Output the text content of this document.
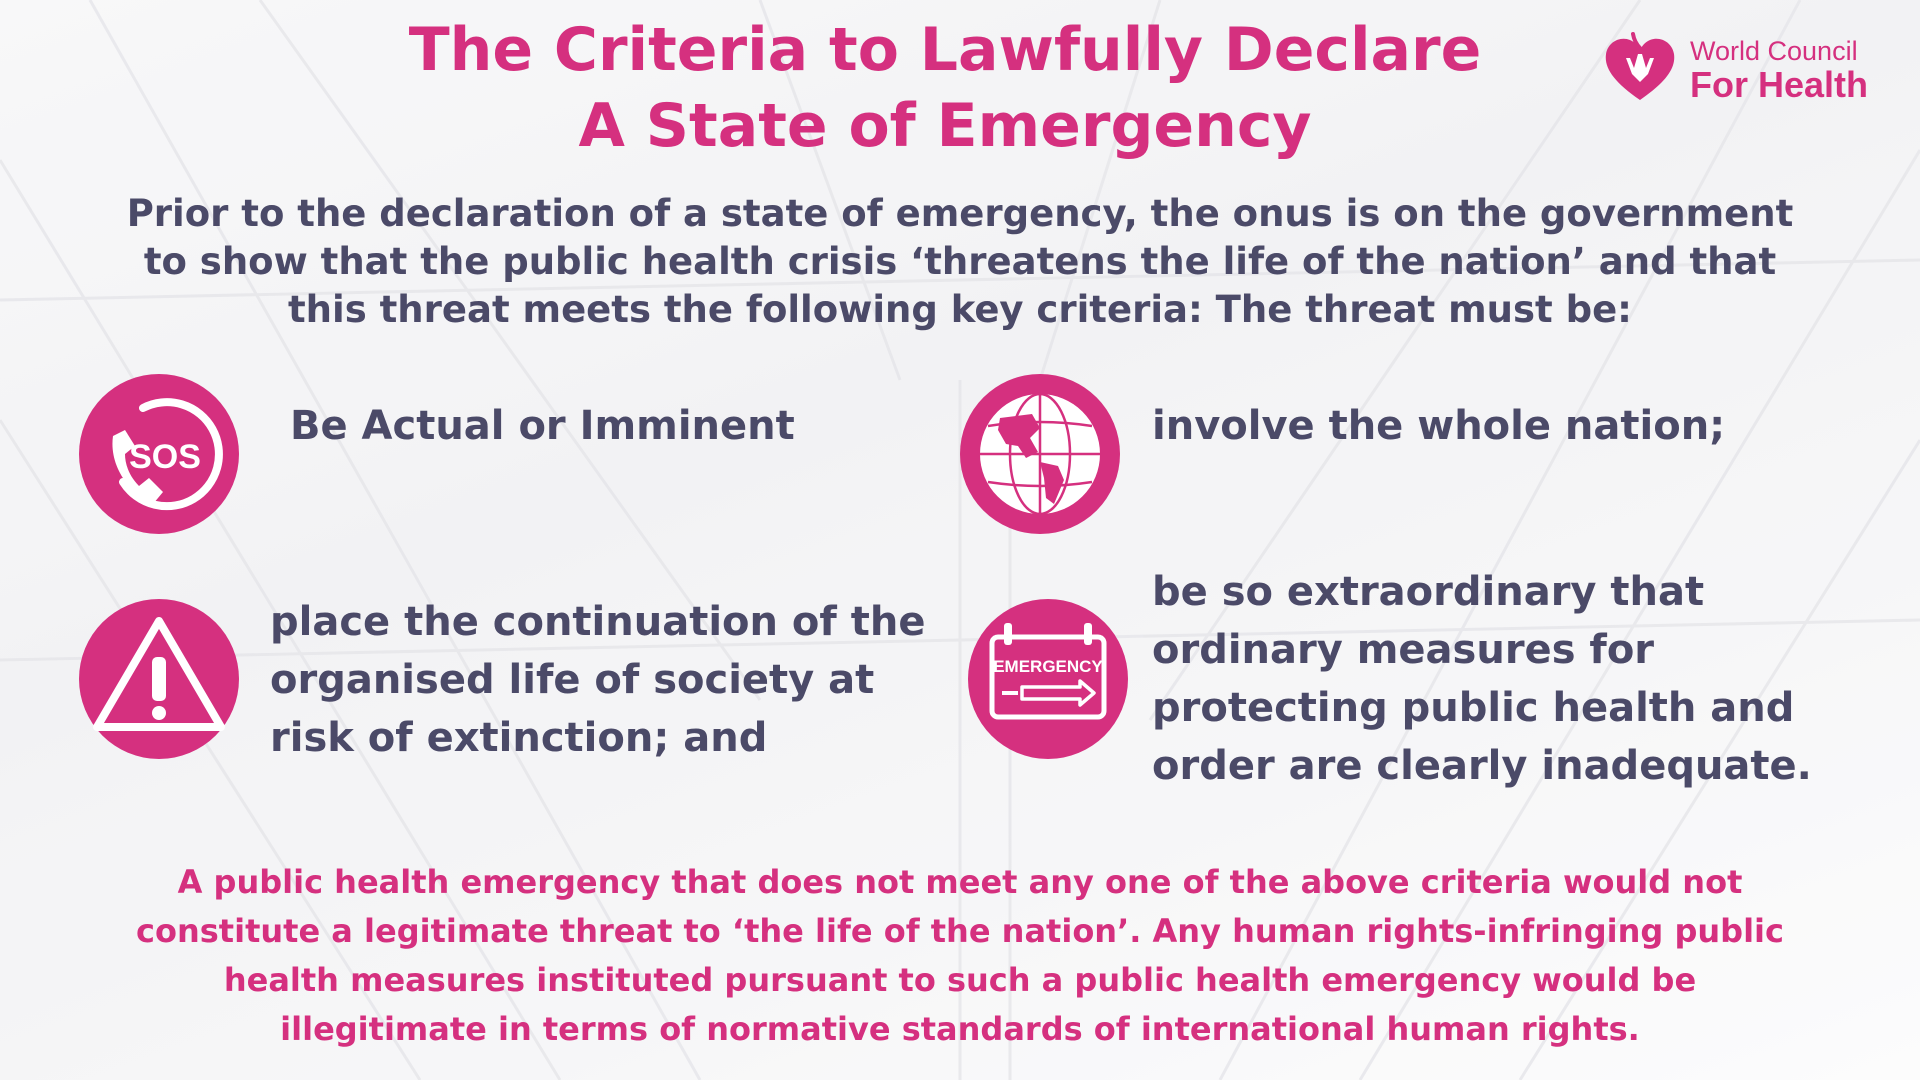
The Criteria to Lawfully Declare
A State of Emergency
World Council
For Health

Prior to the declaration of a state of emergency, the onus is on the government
to show that the public health crisis ‘threatens the life of the nation’ and that
this threat meets the following key criteria: The threat must be:

SOS

Be Actual or Imminent	involve the whole nation;

place the continuation of the
organised life of society at
risk of extinction; and

EMERGENCY

be so extraordinary that
ordinary measures for
protecting public health and
order are clearly inadequate.

A public health emergency that does not meet any one of the above criteria would not
constitute a legitimate threat to ‘the life of the nation’. Any human rights-infringing public
health measures instituted pursuant to such a public health emergency would be
illegitimate in terms of normative standards of international human rights.
